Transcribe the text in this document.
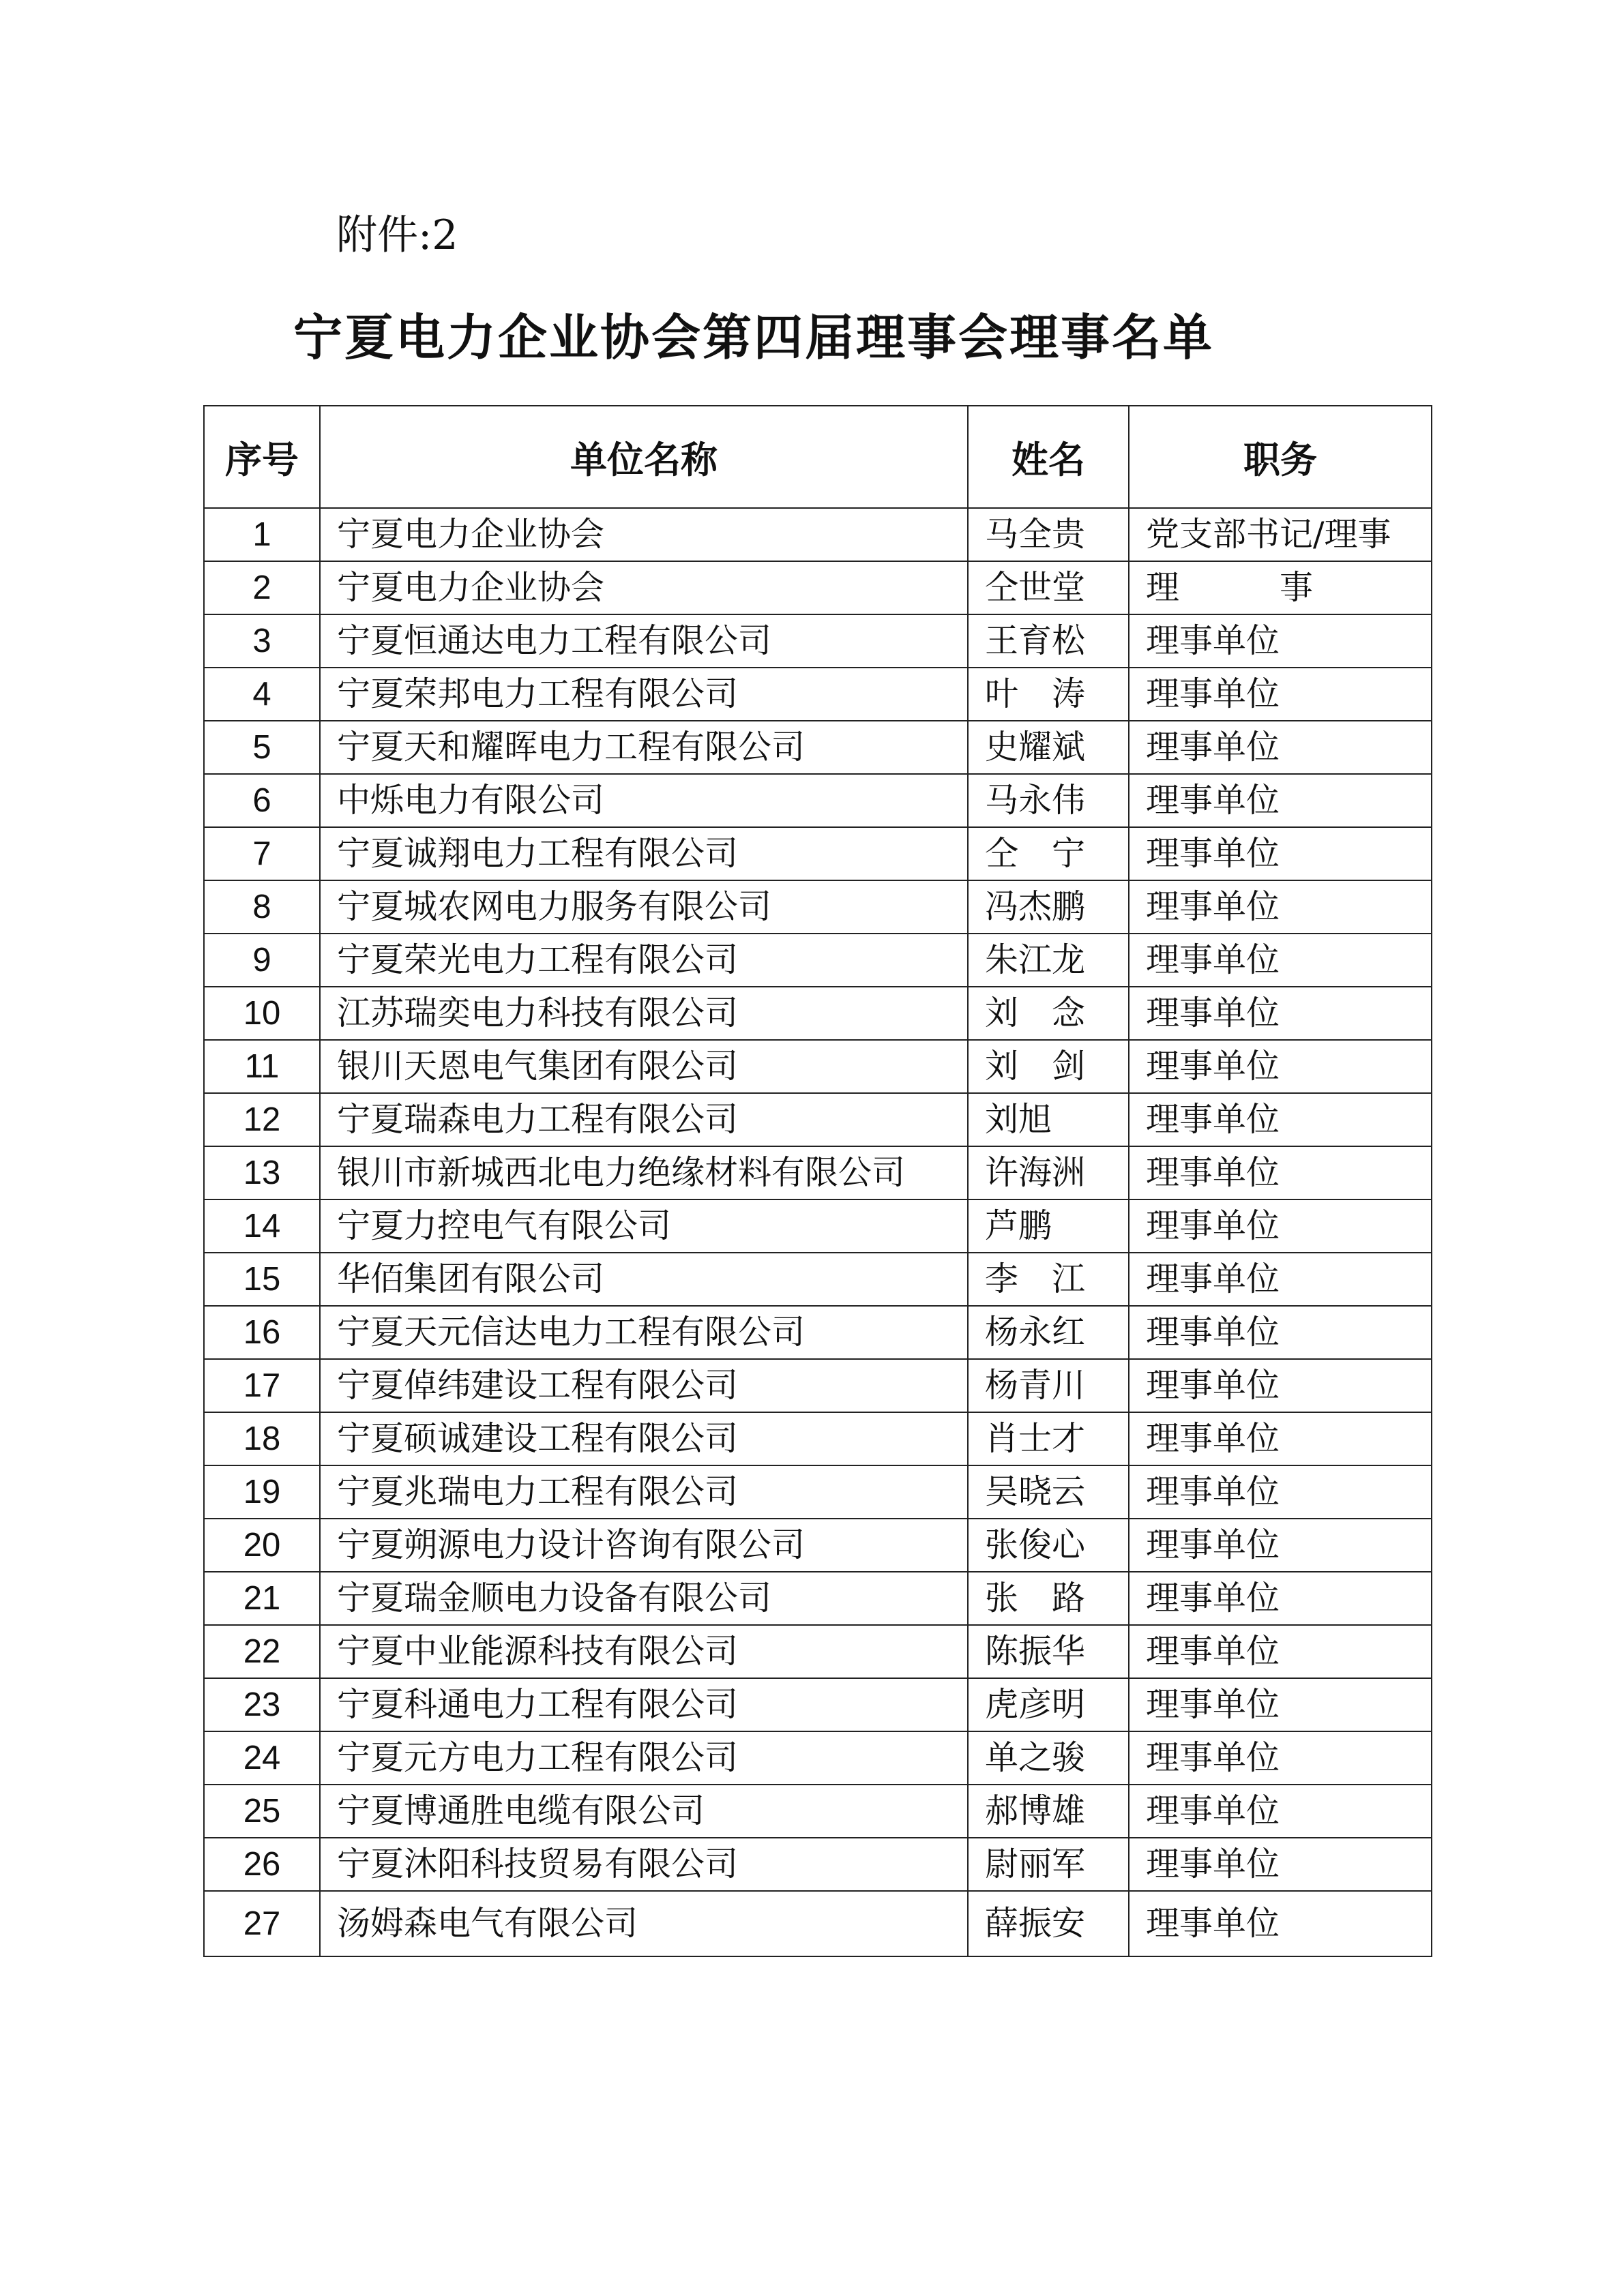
附件:2
宁夏电力企业协会第四届理事会理事名单
序号	单位名称	姓名	职务
1	宁夏电力企业协会	马全贵	党支部书记/理事
2	宁夏电力企业协会	仝世堂	理　　　事
3	宁夏恒通达电力工程有限公司	王育松	理事单位
4	宁夏荣邦电力工程有限公司	叶　涛	理事单位
5	宁夏天和耀晖电力工程有限公司	史耀斌	理事单位
6	中烁电力有限公司	马永伟	理事单位
7	宁夏诚翔电力工程有限公司	仝　宁	理事单位
8	宁夏城农网电力服务有限公司	冯杰鹏	理事单位
9	宁夏荣光电力工程有限公司	朱江龙	理事单位
10	江苏瑞奕电力科技有限公司	刘　念	理事单位
11	银川天恩电气集团有限公司	刘　剑	理事单位
12	宁夏瑞森电力工程有限公司	刘旭	理事单位
13	银川市新城西北电力绝缘材料有限公司	许海洲	理事单位
14	宁夏力控电气有限公司	芦鹏	理事单位
15	华佰集团有限公司	李　江	理事单位
16	宁夏天元信达电力工程有限公司	杨永红	理事单位
17	宁夏倬纬建设工程有限公司	杨青川	理事单位
18	宁夏硕诚建设工程有限公司	肖士才	理事单位
19	宁夏兆瑞电力工程有限公司	吴晓云	理事单位
20	宁夏朔源电力设计咨询有限公司	张俊心	理事单位
21	宁夏瑞金顺电力设备有限公司	张　路	理事单位
22	宁夏中业能源科技有限公司	陈振华	理事单位
23	宁夏科通电力工程有限公司	虎彦明	理事单位
24	宁夏元方电力工程有限公司	单之骏	理事单位
25	宁夏博通胜电缆有限公司	郝博雄	理事单位
26	宁夏沐阳科技贸易有限公司	尉丽军	理事单位
27	汤姆森电气有限公司	薛振安	理事单位
